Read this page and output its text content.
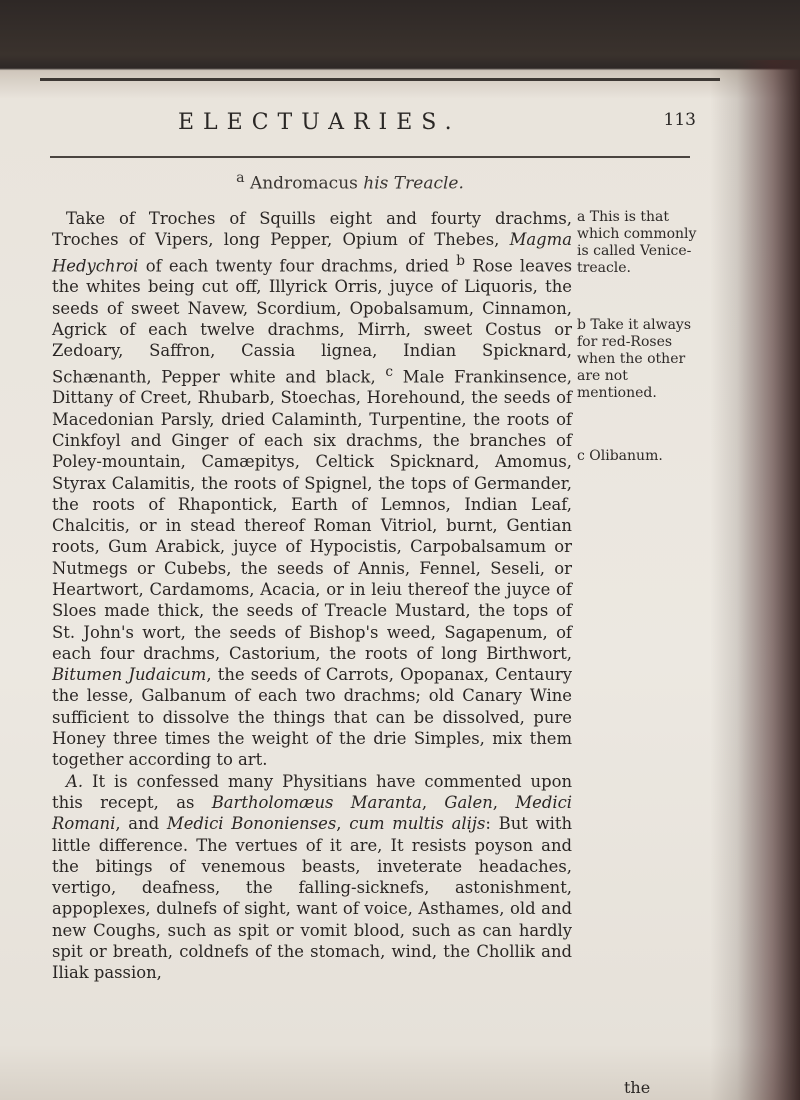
ELECTUARIES.	113
$^a$ Andromacus his Treacle.

Take of Troches of Squills eight and fourty drachms, Troches of Vipers, long Pepper, Opium of Thebes, Magma Hedychroi of each twenty four drachms, dried $^b$ Rose leaves the whites being cut off, Illyrick Orris, juyce of Liquoris, the seeds of sweet Navew, Scordium, Opobalsamum, Cinnamon, Agrick of each twelve drachms, Mirrh, sweet Costus or Zedoary, Saffron, Cassia lignea, Indian Spicknard, Schænanth, Pepper white and black, $^c$ Male Frankinsence, Dittany of Creet, Rhubarb, Stoechas, Horehound, the seeds of Macedonian Parsly, dried Calaminth, Turpentine, the roots of Cinkfoyl and Ginger of each six drachms, the branches of Poley-mountain, Camæpitys, Celtick Spicknard, Amomus, Styrax Calamitis, the roots of Spignel, the tops of Germander, the roots of Rhapontick, Earth of Lemnos, Indian Leaf, Chalcitis, or in stead thereof Roman Vitriol, burnt, Gentian roots, Gum Arabick, juyce of Hypocistis, Carpobalsamum or Nutmegs or Cubebs, the seeds of Annis, Fennel, Seseli, or Heartwort, Cardamoms, Acacia, or in leiu thereof the juyce of Sloes made thick, the seeds of Treacle Mustard, the tops of St. John's wort, the seeds of Bishop's weed, Sagapenum, of each four drachms, Castorium, the roots of long Birthwort, Bitumen Judaicum, the seeds of Carrots, Opopanax, Centaury the lesse, Galbanum of each two drachms; old Canary Wine sufficient to dissolve the things that can be dissolved, pure Honey three times the weight of the drie Simples, mix them together according to art.

A. It is confessed many Physitians have commented upon this recept, as Bartholomæus Maranta, Galen, Medici Romani, and Medici Bononienses, cum multis alijs: But with little difference. The vertues of it are, It resists poyson and the bitings of venemous beasts, inveterate headaches, vertigo, deafness, the falling-sicknefs, astonishment, appoplexes, dulnefs of sight, want of voice, Asthames, old and new Coughs, such as spit or vomit blood, such as can hardly spit or breath, coldnefs of the stomach, wind, the Chollik and Iliak passion,

a This is that which commonly is called Venice-treacle.

b Take it always for red-Roses when the other are not mentioned.

c Olibanum.

the
